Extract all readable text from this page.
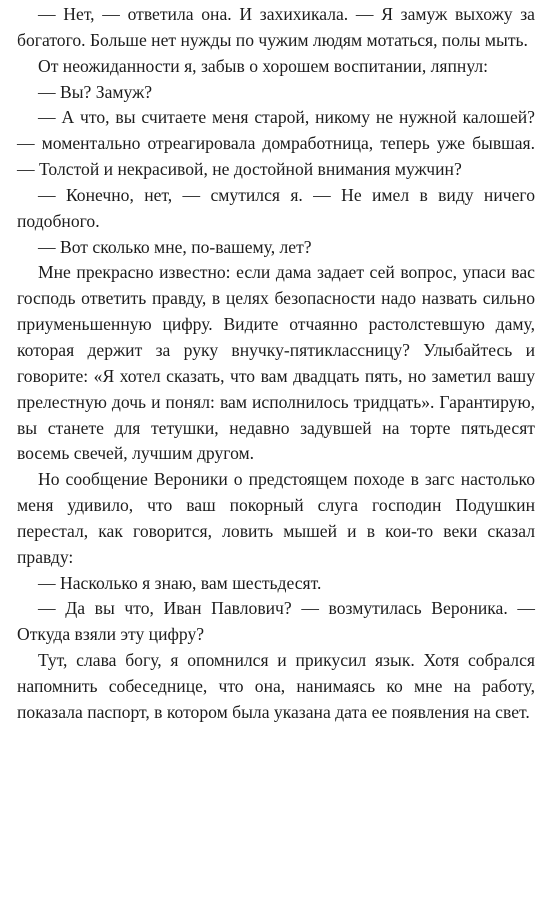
— Нет, — ответила она. И захихикала. — Я замуж выхожу за богатого. Больше нет нужды по чужим людям мотаться, полы мыть.

От неожиданности я, забыв о хорошем воспитании, ляпнул:

— Вы? Замуж?

— А что, вы считаете меня старой, никому не нужной калошей? — моментально отреагировала домработница, теперь уже бывшая. — Толстой и некрасивой, не достойной внимания мужчин?

— Конечно, нет, — смутился я. — Не имел в виду ничего подобного.

— Вот сколько мне, по-вашему, лет?

Мне прекрасно известно: если дама задает сей вопрос, упаси вас господь ответить правду, в целях безопасности надо назвать сильно приуменьшенную цифру. Видите отчаянно растолстевшую даму, которая держит за руку внучку-пятиклассницу? Улыбайтесь и говорите: «Я хотел сказать, что вам двадцать пять, но заметил вашу прелестную дочь и понял: вам исполнилось тридцать». Гарантирую, вы станете для тетушки, недавно задувшей на торте пятьдесят восемь свечей, лучшим другом.

Но сообщение Вероники о предстоящем походе в загс настолько меня удивило, что ваш покорный слуга господин Подушкин перестал, как говорится, ловить мышей и в кои-то веки сказал правду:

— Насколько я знаю, вам шестьдесят.

— Да вы что, Иван Павлович? — возмутилась Вероника. — Откуда взяли эту цифру?

Тут, слава богу, я опомнился и прикусил язык. Хотя собрался напомнить собеседнице, что она, нанимаясь ко мне на работу, показала паспорт, в котором была указана дата ее появления на свет.
